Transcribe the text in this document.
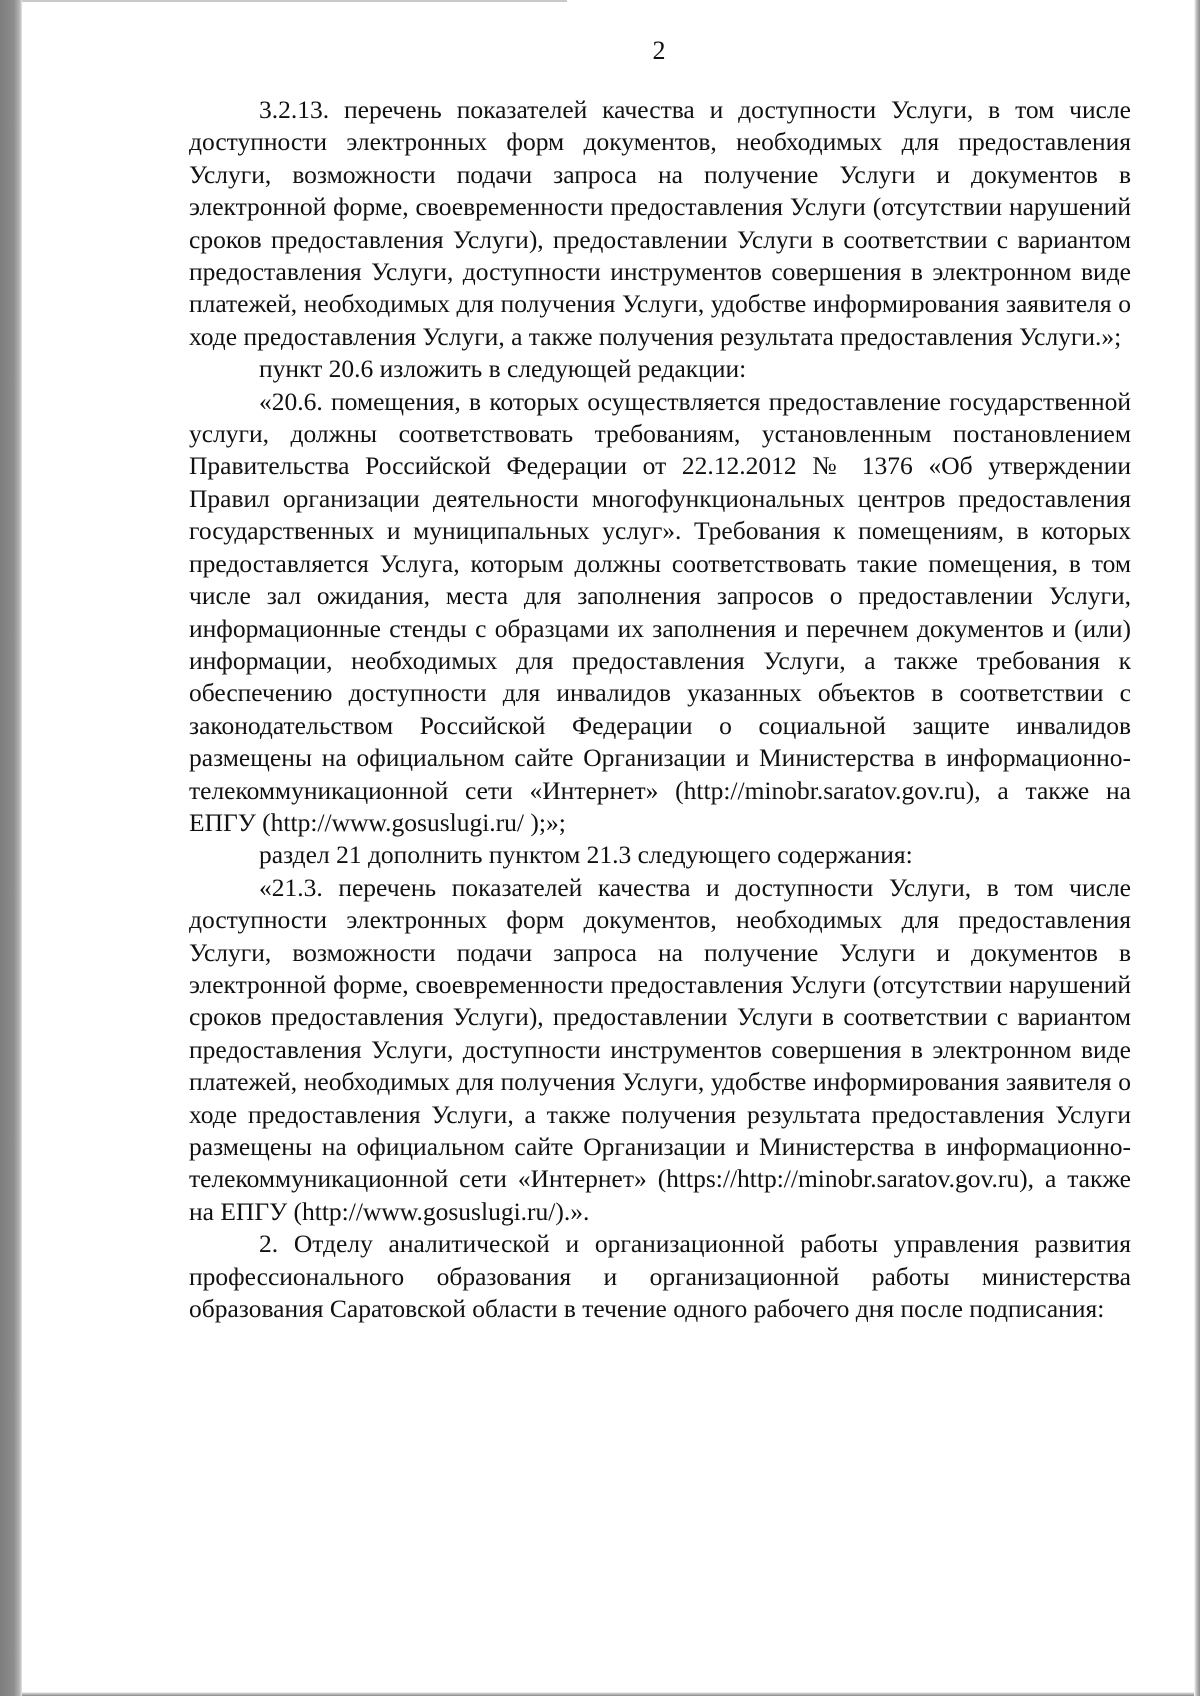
2

3.2.13. перечень показателей качества и доступности Услуги, в том числе доступности электронных форм документов, необходимых для предоставления Услуги, возможности подачи запроса на получение Услуги и документов в электронной форме, своевременности предоставления Услуги (отсутствии нарушений сроков предоставления Услуги), предоставлении Услуги в соответствии с вариантом предоставления Услуги, доступности инструментов совершения в электронном виде платежей, необходимых для получения Услуги, удобстве информирования заявителя о ходе предоставления Услуги, а также получения результата предоставления Услуги.»;

пункт 20.6 изложить в следующей редакции:

«20.6. помещения, в которых осуществляется предоставление государственной услуги, должны соответствовать требованиям, установленным постановлением Правительства Российской Федерации от 22.12.2012 № 1376 «Об утверждении Правил организации деятельности многофункциональных центров предоставления государственных и муниципальных услуг». Требования к помещениям, в которых предоставляется Услуга, которым должны соответствовать такие помещения, в том числе зал ожидания, места для заполнения запросов о предоставлении Услуги, информационные стенды с образцами их заполнения и перечнем документов и (или) информации, необходимых для предоставления Услуги, а также требования к обеспечению доступности для инвалидов указанных объектов в соответствии с законодательством Российской Федерации о социальной защите инвалидов размещены на официальном сайте Организации и Министерства в информационно-телекоммуникационной сети «Интернет» (http://minobr.saratov.gov.ru), а также на ЕПГУ (http://www.gosuslugi.ru/ );»;

раздел 21 дополнить пунктом 21.3 следующего содержания:

«21.3. перечень показателей качества и доступности Услуги, в том числе доступности электронных форм документов, необходимых для предоставления Услуги, возможности подачи запроса на получение Услуги и документов в электронной форме, своевременности предоставления Услуги (отсутствии нарушений сроков предоставления Услуги), предоставлении Услуги в соответствии с вариантом предоставления Услуги, доступности инструментов совершения в электронном виде платежей, необходимых для получения Услуги, удобстве информирования заявителя о ходе предоставления Услуги, а также получения результата предоставления Услуги размещены на официальном сайте Организации и Министерства в информационно-телекоммуникационной сети «Интернет» (https://http://minobr.saratov.gov.ru), а также на ЕПГУ (http://www.gosuslugi.ru/).».

2. Отделу аналитической и организационной работы управления развития профессионального образования и организационной работы министерства образования Саратовской области в течение одного рабочего дня после подписания:
